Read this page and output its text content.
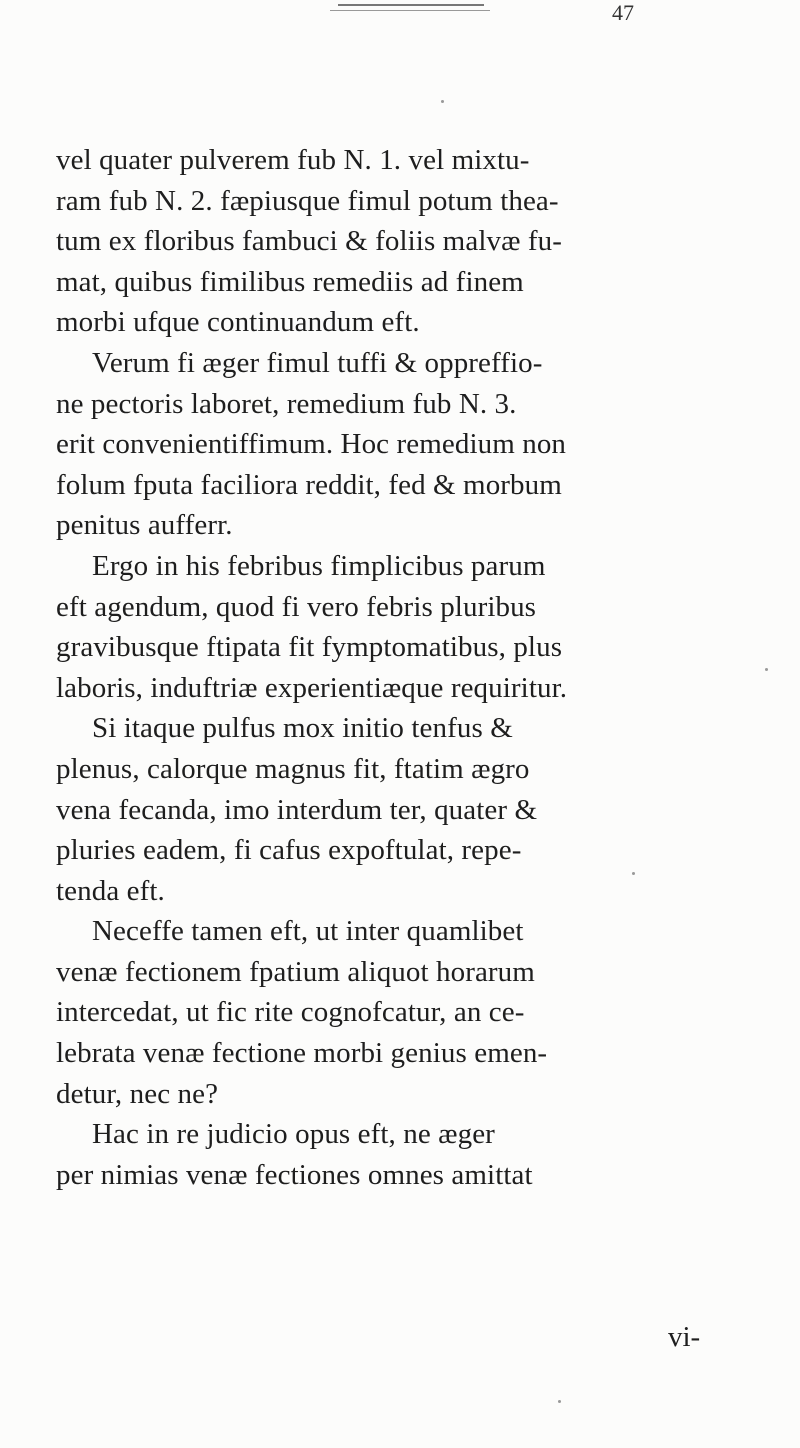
47
vel quater pulverem fub N. 1. vel mixtu-
ram fub N. 2. fæpiusque fimul potum thea-
tum ex floribus fambuci & foliis malvæ fu-
mat, quibus fimilibus remediis ad finem
morbi ufque continuandum eft.
Verum fi æger fimul tuffi & oppreffio-
ne pectoris laboret, remedium fub N. 3.
erit convenientiffimum. Hoc remedium non
folum fputa faciliora reddit, fed & morbum
penitus aufferr.
Ergo in his febribus fimplicibus parum
eft agendum, quod fi vero febris pluribus
gravibusque ftipata fit fymptomatibus, plus
laboris, induftriæ experientiæque requiritur.
Si itaque pulfus mox initio tenfus &
plenus, calorque magnus fit, ftatim ægro
vena fecanda, imo interdum ter, quater &
pluries eadem, fi cafus expoftulat, repe-
tenda eft.
Neceffe tamen eft, ut inter quamlibet
venæ fectionem fpatium aliquot horarum
intercedat, ut fic rite cognofcatur, an ce-
lebrata venæ fectione morbi genius emen-
detur, nec ne?
Hac in re judicio opus eft, ne æger
per nimias venæ fectiones omnes amittat
vi-
